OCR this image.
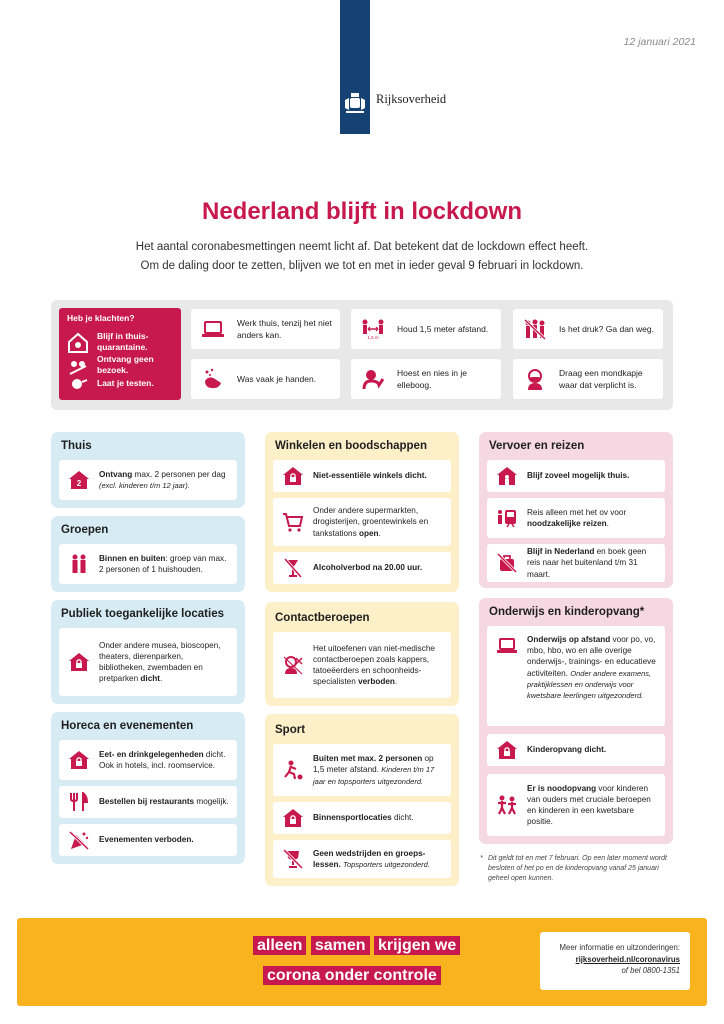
12 januari 2021
Rijksoverheid
Nederland blijft in lockdown
Het aantal coronabesmettingen neemt licht af. Dat betekent dat de lockdown effect heeft.
Om de daling door te zetten, blijven we tot en met in ieder geval 9 februari in lockdown.
Heb je klachten?
Blijf in thuis-
quarantaine.
Ontvang geen
bezoek.
Laat je testen.
Werk thuis, tenzij het niet anders kan.	1,5 m
Houd 1,5 meter afstand.	Is het druk? Ga dan weg.
Was vaak je handen.
Hoest en nies in je elleboog.
Draag een mondkapje waar dat verplicht is.
Thuis
2
Ontvang max. 2 personen per dag (excl. kinderen t/m 12 jaar).
Groepen
Binnen en buiten: groep van max. 2 personen of 1 huishouden.
Publiek toegankelijke locaties
Onder andere musea, bioscopen, theaters, dierenparken, bibliotheken, zwembaden en pretparken dicht.
Horeca en evenementen
Eet- en drinkgelegenheden dicht. Ook in hotels, incl. roomservice.
Bestellen bij restaurants mogelijk.
Evenementen verboden.
Winkelen en boodschappen
Niet-essentiële winkels dicht.
Onder andere supermarkten, drogisterijen, groentewinkels en tankstations open.
Alcoholverbod na 20.00 uur.
Contactberoepen
Het uitoefenen van niet-medische contactberoepen zoals kappers, tatoeëerders en schoonheids-specialisten verboden.
Sport
Buiten met max. 2 personen op 1,5 meter afstand. Kinderen t/m 17 jaar en topsporters uitgezonderd.
Binnensportlocaties dicht.
Geen wedstrijden en groeps-lessen. Topsporters uitgezonderd.
Vervoer en reizen
Blijf zoveel mogelijk thuis.
Reis alleen met het ov voor noodzakelijke reizen.
Blijf in Nederland en boek geen reis naar het buitenland t/m 31 maart.
Onderwijs en kinderopvang*
Onderwijs op afstand voor po, vo, mbo, hbo, wo en alle overige onderwijs-, trainings- en educatieve activiteiten. Onder andere examens, praktijklessen en onderwijs voor kwetsbare leerlingen uitgezonderd.
Kinderopvang dicht.
Er is noodopvang voor kinderen van ouders met cruciale beroepen en kinderen in een kwetsbare positie.
* Dit geldt tot en met 7 februari. Op een later moment wordt besloten of het po en de kinderopvang vanaf 25 januari geheel open kunnen.
alleen samen krijgen we
corona onder controle
Meer informatie en uitzonderingen:
rijksoverheid.nl/coronavirus
of bel 0800-1351
